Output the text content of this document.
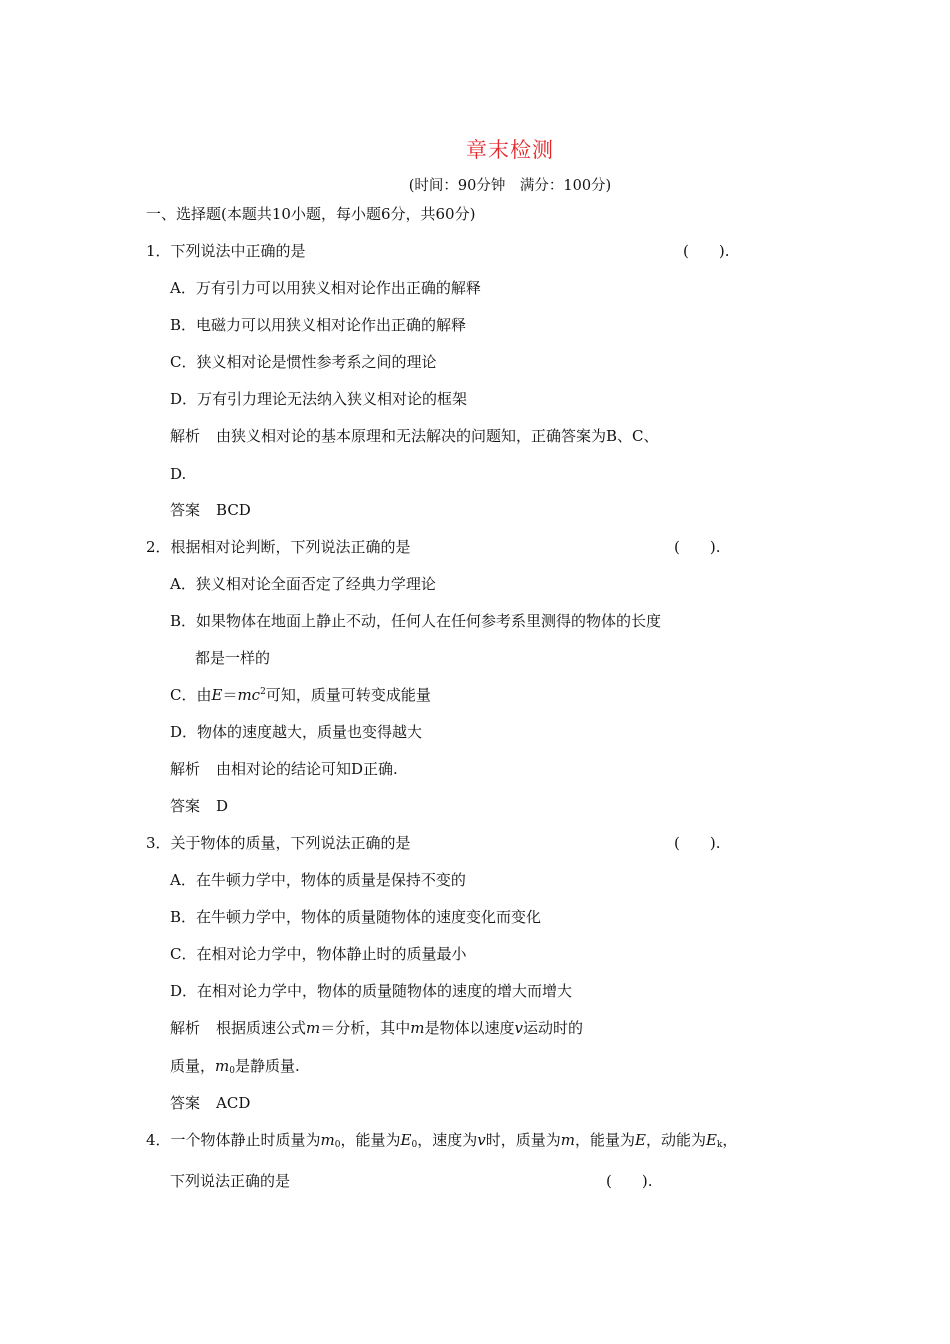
章末检测
(时间：90分钟　满分：100分)
一、选择题(本题共10小题，每小题6分，共60分)
1．下列说法中正确的是	(　　).
A．万有引力可以用狭义相对论作出正确的解释
B．电磁力可以用狭义相对论作出正确的解释
C．狭义相对论是惯性参考系之间的理论
D．万有引力理论无法纳入狭义相对论的框架
解析 由狭义相对论的基本原理和无法解决的问题知，正确答案为B、C、
D.
答案 BCD
2．根据相对论判断，下列说法正确的是	(　　).
A．狭义相对论全面否定了经典力学理论
B．如果物体在地面上静止不动，任何人在任何参考系里测得的物体的长度
都是一样的
C．由$E=mc^2$可知，质量可转变成能量
D．物体的速度越大，质量也变得越大
解析 由相对论的结论可知D正确.
答案 D
3．关于物体的质量，下列说法正确的是	(　　).
A．在牛顿力学中，物体的质量是保持不变的
B．在牛顿力学中，物体的质量随物体的速度变化而变化
C．在相对论力学中，物体静止时的质量最小
D．在相对论力学中，物体的质量随物体的速度的增大而增大
解析 根据质速公式m＝分析，其中m是物体以速度v运动时的
质量，$m_0$是静质量.
答案 ACD
4．一个物体静止时质量为$m_0$，能量为$E_0$，速度为v时，质量为m，能量为E，动能为$E_k$，
下列说法正确的是	(　　).
